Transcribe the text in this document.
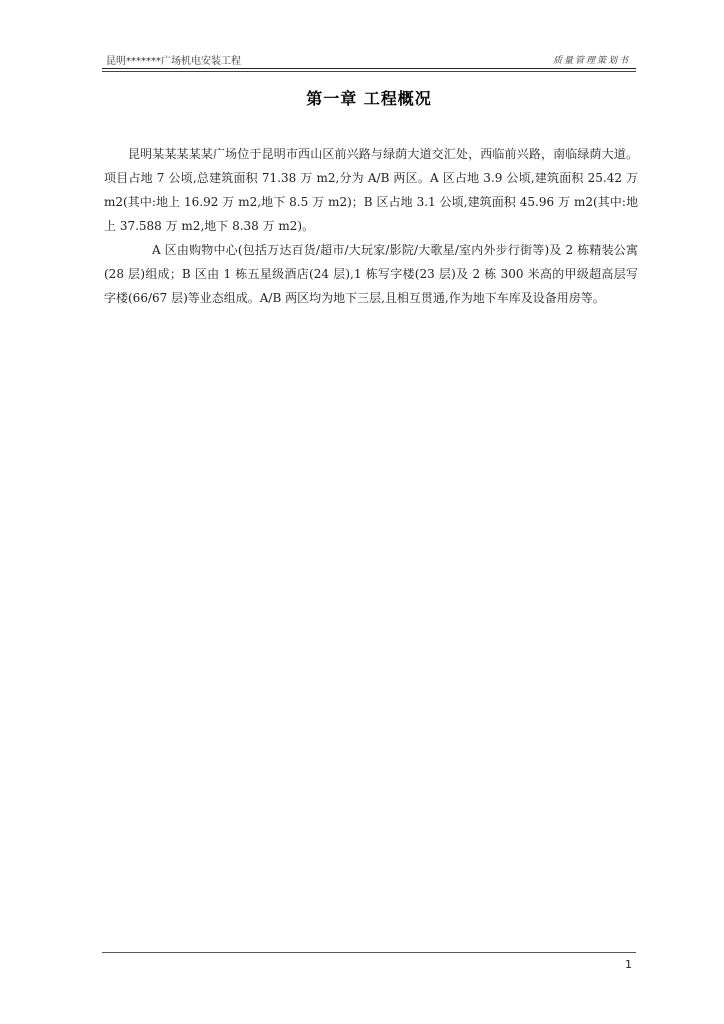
昆明*******广场机电安装工程	质量管理策划书
第一章 工程概况

昆明某某某某某广场位于昆明市西山区前兴路与绿荫大道交汇处，西临前兴路，南临绿荫大道。项目占地 7 公顷,总建筑面积 71.38 万 m2,分为 A/B 两区。A 区占地 3.9 公顷,建筑面积 25.42 万 m2(其中:地上 16.92 万 m2,地下 8.5 万 m2)；B 区占地 3.1 公顷,建筑面积 45.96 万 m2(其中:地上 37.588 万 m2,地下 8.38 万 m2)。

A 区由购物中心(包括万达百货/超市/大玩家/影院/大歌星/室内外步行街等)及 2 栋精装公寓(28 层)组成；B 区由 1 栋五星级酒店(24 层),1 栋写字楼(23 层)及 2 栋 300 米高的甲级超高层写字楼(66/67 层)等业态组成。A/B 两区均为地下三层,且相互贯通,作为地下车库及设备用房等。

1
